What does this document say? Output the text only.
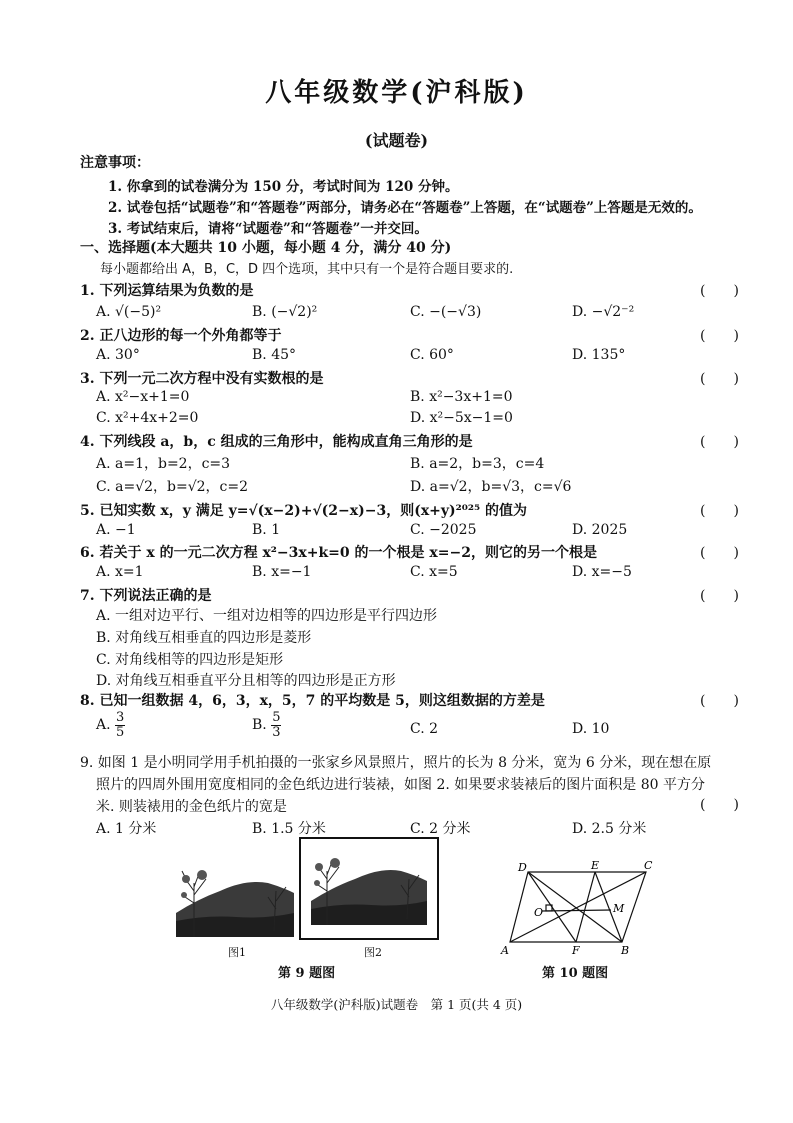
八年级数学(沪科版)
(试题卷)
注意事项：
1. 你拿到的试卷满分为 150 分，考试时间为 120 分钟。
2. 试卷包括“试题卷”和“答题卷”两部分，请务必在“答题卷”上答题，在“试题卷”上答题是无效的。
3. 考试结束后，请将“试题卷”和“答题卷”一并交回。
一、选择题(本大题共 10 小题，每小题 4 分，满分 40 分)
每小题都给出 A，B，C，D 四个选项，其中只有一个是符合题目要求的.
1. 下列运算结果为负数的是	(　　)
A. √(−5)²	B. (−√2)²	C. −(−√3)	D. −√2⁻²
2. 正八边形的每一个外角都等于	(　　)
A. 30°	B. 45°	C. 60°	D. 135°
3. 下列一元二次方程中没有实数根的是	(　　)
A. x²−x+1=0	B. x²−3x+1=0
C. x²+4x+2=0	D. x²−5x−1=0
4. 下列线段 a，b，c 组成的三角形中，能构成直角三角形的是	(　　)
A. a=1，b=2，c=3	B. a=2，b=3，c=4
C. a=√2，b=√2，c=2	D. a=√2，b=√3，c=√6
5. 已知实数 x，y 满足 y=√(x−2)+√(2−x)−3，则(x+y)²⁰²⁵ 的值为	(　　)
A. −1	B. 1	C. −2025	D. 2025
6. 若关于 x 的一元二次方程 x²−3x+k=0 的一个根是 x=−2，则它的另一个根是	(　　)
A. x=1	B. x=−1	C. x=5	D. x=−5
7. 下列说法正确的是	(　　)
A. 一组对边平行、一组对边相等的四边形是平行四边形
B. 对角线互相垂直的四边形是菱形
C. 对角线相等的四边形是矩形
D. 对角线互相垂直平分且相等的四边形是正方形
8. 已知一组数据 4，6，3，x，5，7 的平均数是 5，则这组数据的方差是	(　　)
A. $\frac{3}{5}$	B. $\frac{5}{3}$	C. 2	D. 10
9. 如图 1 是小明同学用手机拍摄的一张家乡风景照片，照片的长为 8 分米，宽为 6 分米，现在想在原
照片的四周外围用宽度相同的金色纸边进行装裱，如图 2. 如果要求装裱后的图片面积是 80 平方分
米. 则装裱用的金色纸片的宽是	(　　)
A. 1 分米	B. 1.5 分米	C. 2 分米	D. 2.5 分米
图1	图2
第 9 题图
D	E	C
O	M
A	F	B
第 10 题图
八年级数学(沪科版)试题卷　第 1 页(共 4 页)
